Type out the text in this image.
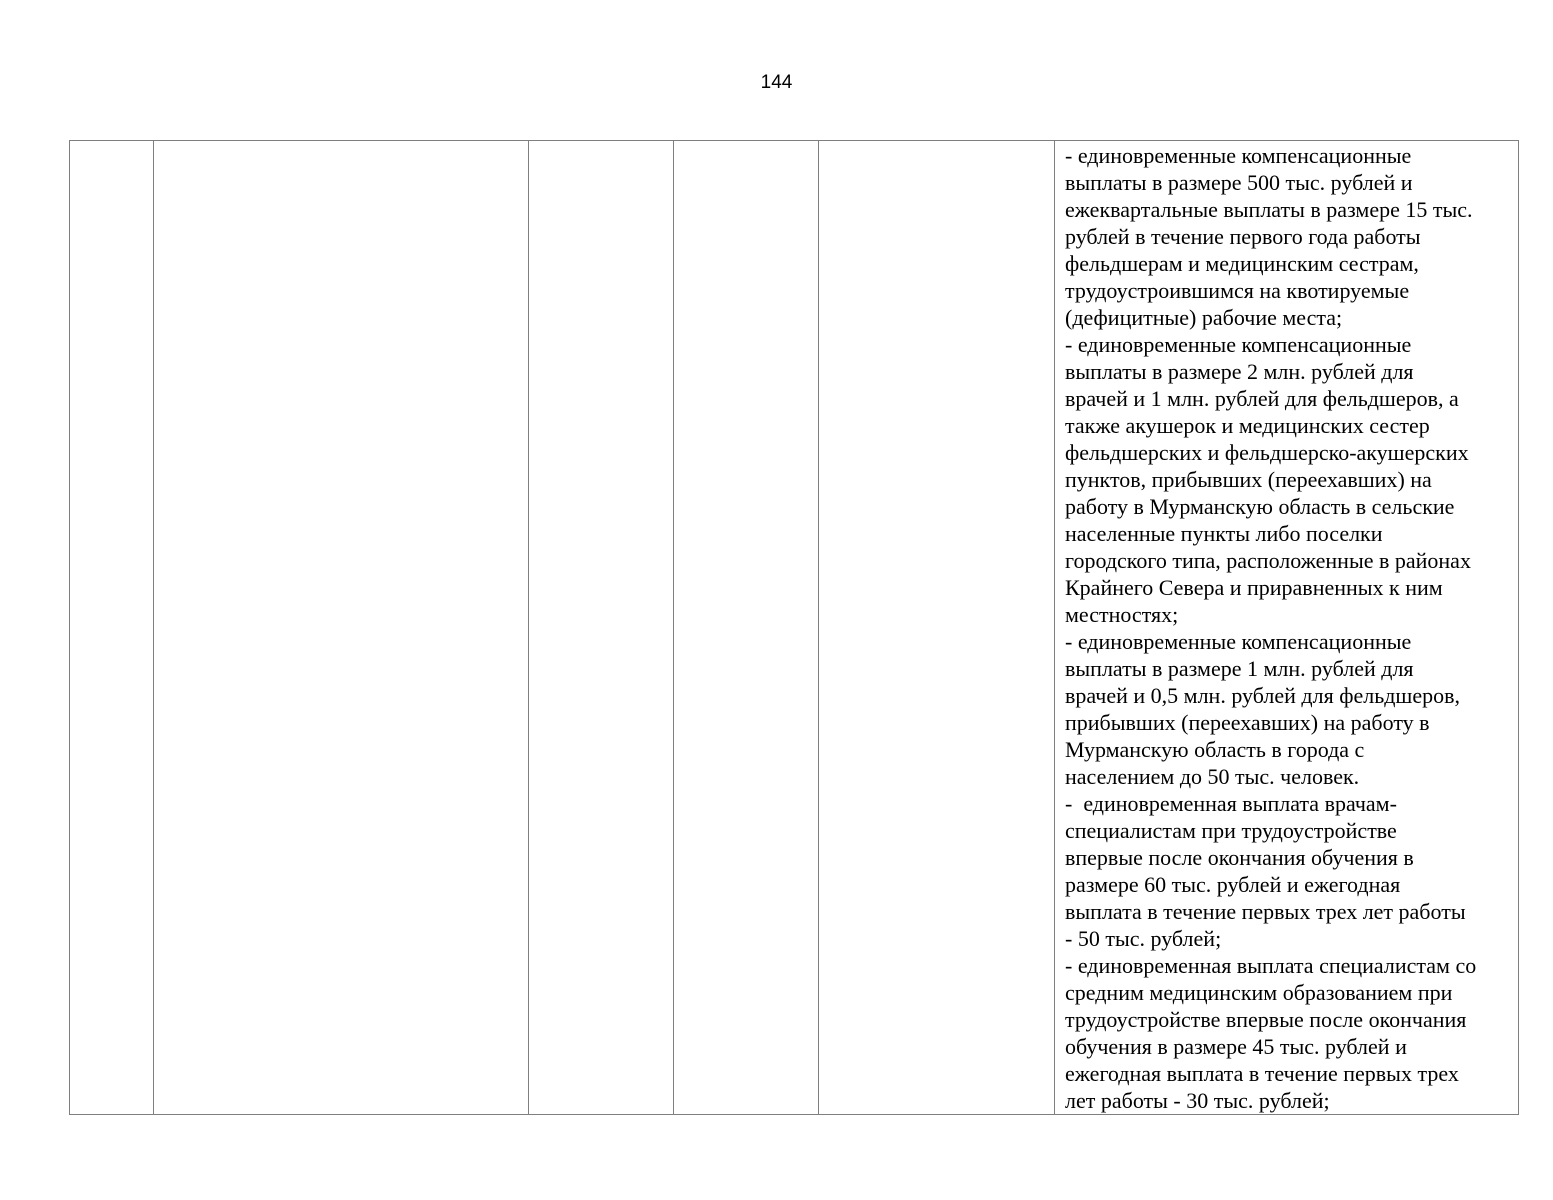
144

- единовременные компенсационные
выплаты в размере 500 тыс. рублей и
ежеквартальные выплаты в размере 15 тыс.
рублей в течение первого года работы
фельдшерам и медицинским сестрам,
трудоустроившимся на квотируемые
(дефицитные) рабочие места;
- единовременные компенсационные
выплаты в размере 2 млн. рублей для
врачей и 1 млн. рублей для фельдшеров, а
также акушерок и медицинских сестер
фельдшерских и фельдшерско-акушерских
пунктов, прибывших (переехавших) на
работу в Мурманскую область в сельские
населенные пункты либо поселки
городского типа, расположенные в районах
Крайнего Севера и приравненных к ним
местностях;
- единовременные компенсационные
выплаты в размере 1 млн. рублей для
врачей и 0,5 млн. рублей для фельдшеров,
прибывших (переехавших) на работу в
Мурманскую область в города с
населением до 50 тыс. человек.
-  единовременная выплата врачам-
специалистам при трудоустройстве
впервые после окончания обучения в
размере 60 тыс. рублей и ежегодная
выплата в течение первых трех лет работы
- 50 тыс. рублей;
- единовременная выплата специалистам со
средним медицинским образованием при
трудоустройстве впервые после окончания
обучения в размере 45 тыс. рублей и
ежегодная выплата в течение первых трех
лет работы - 30 тыс. рублей;
